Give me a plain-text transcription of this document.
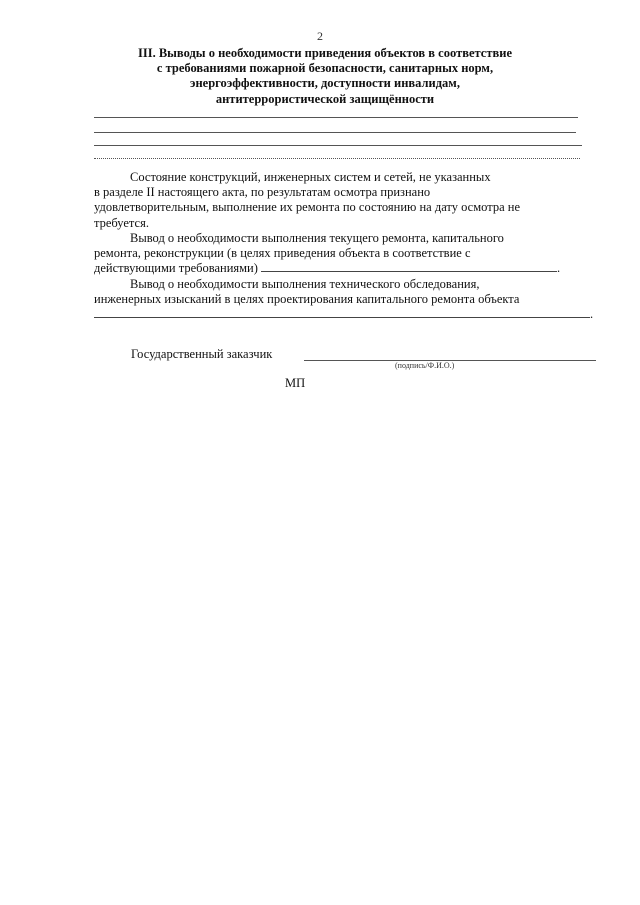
2
III. Выводы о необходимости приведения объектов в соответствие
с требованиями пожарной безопасности, санитарных норм,
энергоэффективности, доступности инвалидам,
антитеррористической защищённости
Состояние конструкций, инженерных систем и сетей, не указанных
в разделе II настоящего акта, по результатам осмотра признано
удовлетворительным, выполнение их ремонта по состоянию на дату осмотра не
требуется.
Вывод о необходимости выполнения текущего ремонта, капитального
ремонта, реконструкции (в целях приведения объекта в соответствие с
действующими требованиями)	.
Вывод о необходимости выполнения технического обследования,
инженерных изысканий в целях проектирования капитального ремонта объекта
.
Государственный заказчик
(подпись/Ф.И.О.)
МП
